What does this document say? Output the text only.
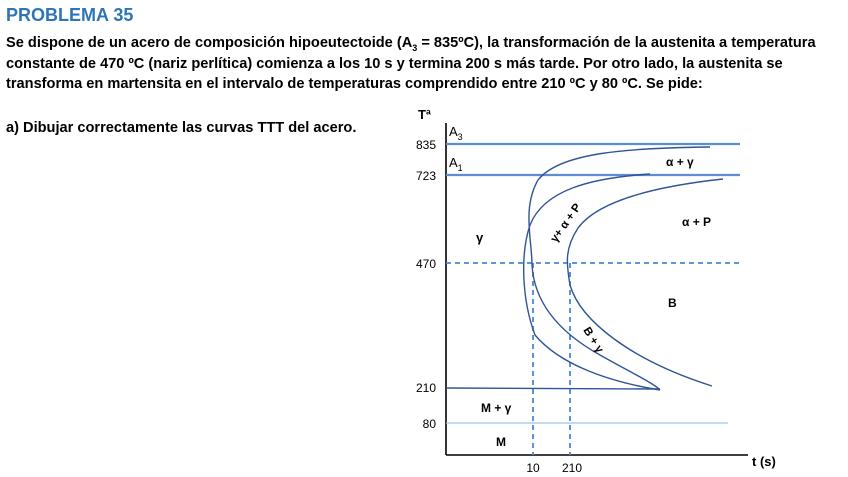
PROBLEMA 35

Se dispone de un acero de composición hipoeutectoide ($A_3$ = 835ºC), la transformación de la austenita a temperatura constante de 470 ºC (nariz perlítica) comienza a los 10 s y termina 200 s más tarde. Por otro lado, la austenita se transforma en martensita en el intervalo de temperaturas comprendido entre 210 ºC y 80 ºC. Se pide:

a) Dibujar correctamente las curvas TTT del acero.
Tª
t (s)
835
723
470
210
80
10 210
$A_3$
$A_1$
γ
α + γ
γ+ α + P	α + P
B
B + γ
M + γ
M
